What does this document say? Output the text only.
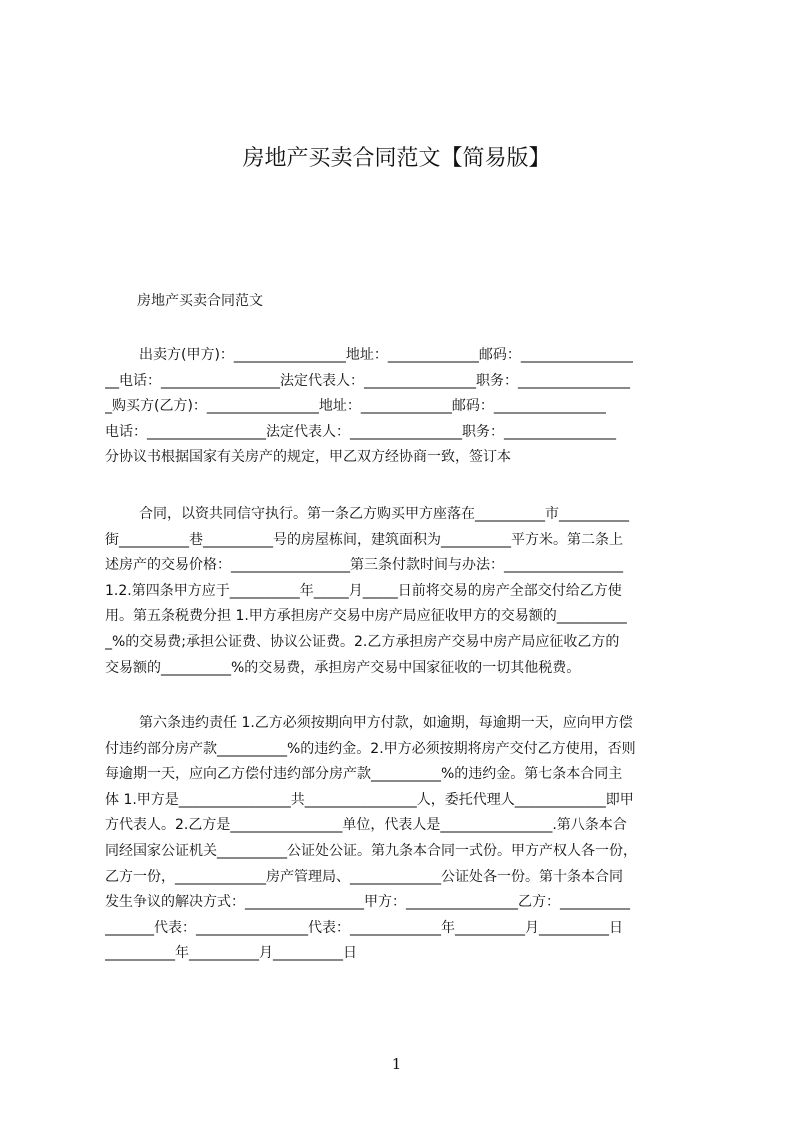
房地产买卖合同范文【简易版】
房地产买卖合同范文
出卖方(甲方)：________________地址：_____________邮码：________________
__电话：_________________法定代表人：________________职务：________________
_购买方(乙方)：________________地址：_____________邮码：________________
电话：_________________法定代表人：________________职务：________________
分协议书根据国家有关房产的规定，甲乙双方经协商一致，签订本
合同，以资共同信守执行。第一条乙方购买甲方座落在__________市__________
街__________巷__________号的房屋栋间，建筑面积为__________平方米。第二条上
述房产的交易价格：_________________第三条付款时间与办法：_________________
1.2.第四条甲方应于__________年_____月_____日前将交易的房产全部交付给乙方使
用。第五条税费分担 1.甲方承担房产交易中房产局应征收甲方的交易额的__________
_%的交易费;承担公证费、协议公证费。2.乙方承担房产交易中房产局应征收乙方的
交易额的__________%的交易费，承担房产交易中国家征收的一切其他税费。
第六条违约责任 1.乙方必须按期向甲方付款，如逾期，每逾期一天，应向甲方偿
付违约部分房产款__________%的违约金。2.甲方必须按期将房产交付乙方使用，否则
每逾期一天，应向乙方偿付违约部分房产款__________%的违约金。第七条本合同主
体 1.甲方是________________共________________人，委托代理人_____________即甲
方代表人。2.乙方是________________单位，代表人是________________.第八条本合
同经国家公证机关__________公证处公证。第九条本合同一式份。甲方产权人各一份，
乙方一份，_____________房产管理局、_____________公证处各一份。第十条本合同
发生争议的解决方式：_________________甲方：________________乙方：__________
_______代表：________________代表：_____________年__________月__________日
__________年__________月__________日
1
